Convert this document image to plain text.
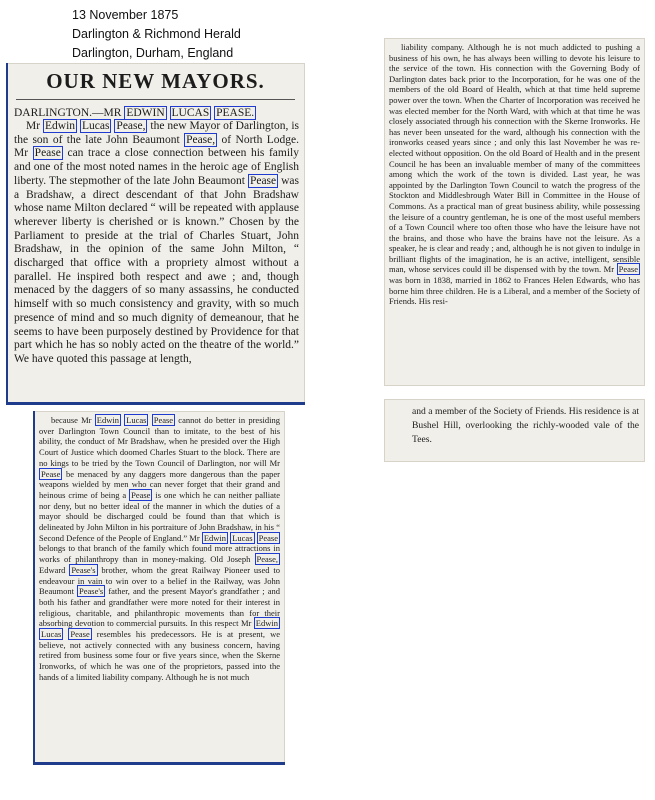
13 November 1875
Darlington & Richmond Herald
Darlington, Durham, England
OUR NEW MAYORS.
DARLINGTON.—MR EDWIN LUCAS PEASE.

Mr Edwin Lucas Pease, the new Mayor of Darlington, is the son of the late John Beaumont Pease, of North Lodge. Mr Pease can trace a close connection between his family and one of the most noted names in the heroic age of English liberty. The stepmother of the late John Beaumont Pease was a Bradshaw, a direct descendant of that John Bradshaw whose name Milton declared “ will be repeated with applause wherever liberty is cherished or is known.” Chosen by the Parliament to preside at the trial of Charles Stuart, John Bradshaw, in the opinion of the same John Milton, “ discharged that office with a propriety almost without a parallel. He inspired both respect and awe ; and, though menaced by the daggers of so many assassins, he conducted himself with so much consistency and gravity, with so much presence of mind and so much dignity of demeanour, that he seems to have been purposely destined by Providence for that part which he has so nobly acted on the theatre of the world.” We have quoted this passage at length,

liability company. Although he is not much addicted to pushing a business of his own, he has always been willing to devote his leisure to the service of the town. His connection with the Governing Body of Darlington dates back prior to the Incorporation, for he was one of the members of the old Board of Health, which at that time held supreme power over the town. When the Charter of Incorporation was received he was elected member for the North Ward, with which at that time he was closely associated through his connection with the Skerne Ironworks. He has never been unseated for the ward, although his connection with the ironworks ceased years since ; and only this last November he was re-elected without opposition. On the old Board of Health and in the present Council he has been an invaluable member of many of the committees among which the work of the town is divided. Last year, he was appointed by the Darlington Town Council to watch the progress of the Stockton and Middlesbrough Water Bill in Committee in the House of Commons. As a practical man of great business ability, while possessing the leisure of a country gentleman, he is one of the most useful members of a Town Council where too often those who have the leisure have not the brains, and those who have the brains have not the leisure. As a speaker, he is clear and ready ; and, although he is not given to indulge in brilliant flights of the imagination, he is an active, intelligent, sensible man, whose services could ill be dispensed with by the town. Mr Pease was born in 1838, married in 1862 to Frances Helen Edwards, who has borne him three children. He is a Liberal, and a member of the Society of Friends. His resi-

and a member of the Society of Friends. His residence is at Bushel Hill, overlooking the richly-wooded vale of the Tees.

because Mr Edwin Lucas Pease cannot do better in presiding over Darlington Town Council than to imitate, to the best of his ability, the conduct of Mr Bradshaw, when he presided over the High Court of Justice which doomed Charles Stuart to the block. There are no kings to be tried by the Town Council of Darlington, nor will Mr Pease be menaced by any daggers more dangerous than the paper weapons wielded by men who can never forget that their grand and heinous crime of being a Pease is one which he can neither palliate nor deny, but no better ideal of the manner in which the duties of a mayor should be discharged could be found than that which is delineated by John Milton in his portraiture of John Bradshaw, in his “ Second Defence of the People of England.” Mr Edwin Lucas Pease belongs to that branch of the family which found more attractions in works of philanthropy than in money-making. Old Joseph Pease, Edward Pease's brother, whom the great Railway Pioneer used to endeavour in vain to win over to a belief in the Railway, was John Beaumont Pease's father, and the present Mayor's grandfather ; and both his father and grandfather were more noted for their interest in religious, charitable, and philanthropic movements than for their absorbing devotion to commercial pursuits. In this respect Mr Edwin Lucas Pease resembles his predecessors. He is at present, we believe, not actively connected with any business concern, having retired from business some four or five years since, when the Skerne Ironworks, of which he was one of the proprietors, passed into the hands of a limited liability company. Although he is not much
